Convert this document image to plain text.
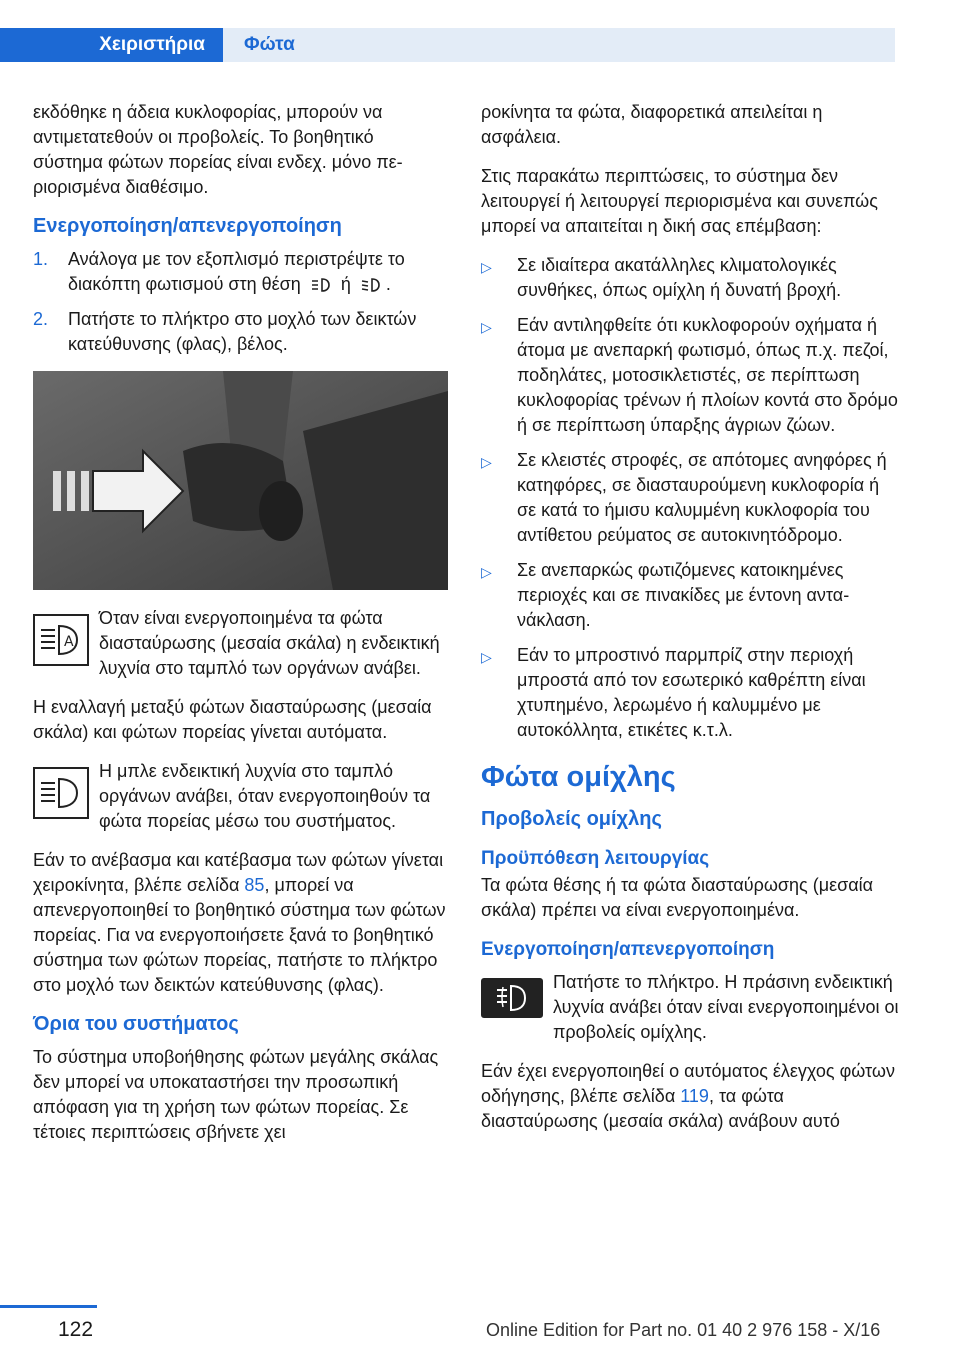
Χειριστήρια	Φώτα

εκδόθηκε η άδεια κυκλοφορίας, μπορούν να αντιμετατεθούν οι προβολείς. Το βοηθητικό σύστημα φώτων πορείας είναι ενδεχ. μόνο περιορισμένα διαθέσιμο.

Ενεργοποίηση/απενεργοποίηση
1. Ανάλογα με τον εξοπλισμό περιστρέψτε το διακόπτη φωτισμού στη θέση ή .
2. Πατήστε το πλήκτρο στο μοχλό των δεικτών κατεύθυνσης (φλας), βέλος.
A

Όταν είναι ενεργοποιημένα τα φώτα διασταύρωσης (μεσαία σκάλα) η ενδεικτική λυχνία στο ταμπλό των οργάνων ανάβει.

Η εναλλαγή μεταξύ φώτων διασταύρωσης (μεσαία σκάλα) και φώτων πορείας γίνεται αυτόματα.

Η μπλε ενδεικτική λυχνία στο ταμπλό οργάνων ανάβει, όταν ενεργοποιηθούν τα φώτα πορείας μέσω του συστήματος.

Εάν το ανέβασμα και κατέβασμα των φώτων γίνεται χειροκίνητα, βλέπε σελίδα 85, μπορεί να απενεργοποιηθεί το βοηθητικό σύστημα των φώτων πορείας. Για να ενεργοποιήσετε ξανά το βοηθητικό σύστημα των φώτων πορείας, πατήστε το πλήκτρο στο μοχλό των δεικτών κατεύθυνσης (φλας).

Όρια του συστήματος

Το σύστημα υποβοήθησης φώτων μεγάλης σκάλας δεν μπορεί να υποκαταστήσει την προσωπική απόφαση για τη χρήση των φώτων πορείας. Σε τέτοιες περιπτώσεις σβήνετε χει

ροκίνητα τα φώτα, διαφορετικά απειλείται η ασφάλεια.

Στις παρακάτω περιπτώσεις, το σύστημα δεν λειτουργεί ή λειτουργεί περιορισμένα και συνεπώς μπορεί να απαιτείται η δική σας επέμβαση:

▷ Σε ιδιαίτερα ακατάλληλες κλιματολογικές συνθήκες, όπως ομίχλη ή δυνατή βροχή.
▷ Εάν αντιληφθείτε ότι κυκλοφορούν οχήματα ή άτομα με ανεπαρκή φωτισμό, όπως π.χ. πεζοί, ποδηλάτες, μοτοσικλετιστές, σε περίπτωση κυκλοφορίας τρένων ή πλοίων κοντά στο δρόμο ή σε περίπτωση ύπαρξης άγριων ζώων.
▷ Σε κλειστές στροφές, σε απότομες ανηφόρες ή κατηφόρες, σε διασταυρούμενη κυκλοφορία ή σε κατά το ήμισυ καλυμμένη κυκλοφορία του αντίθετου ρεύματος σε αυτοκινητόδρομο.
▷ Σε ανεπαρκώς φωτιζόμενες κατοικημένες περιοχές και σε πινακίδες με έντονη αντανάκλαση.
▷ Εάν το μπροστινό παρμπρίζ στην περιοχή μπροστά από τον εσωτερικό καθρέπτη είναι χτυπημένο, λερωμένο ή καλυμμένο με αυτοκόλλητα, ετικέτες κ.τ.λ.
Φώτα ομίχλης
Προβολείς ομίχλης
Προϋπόθεση λειτουργίας

Τα φώτα θέσης ή τα φώτα διασταύρωσης (μεσαία σκάλα) πρέπει να είναι ενεργοποιημένα.

Ενεργοποίηση/απενεργοποίηση

Πατήστε το πλήκτρο. Η πράσινη ενδεικτική λυχνία ανάβει όταν είναι ενεργοποιημένοι οι προβολείς ομίχλης.

Εάν έχει ενεργοποιηθεί ο αυτόματος έλεγχος φώτων οδήγησης, βλέπε σελίδα 119, τα φώτα διασταύρωσης (μεσαία σκάλα) ανάβουν αυτό

122	Online Edition for Part no. 01 40 2 976 158 - X/16
